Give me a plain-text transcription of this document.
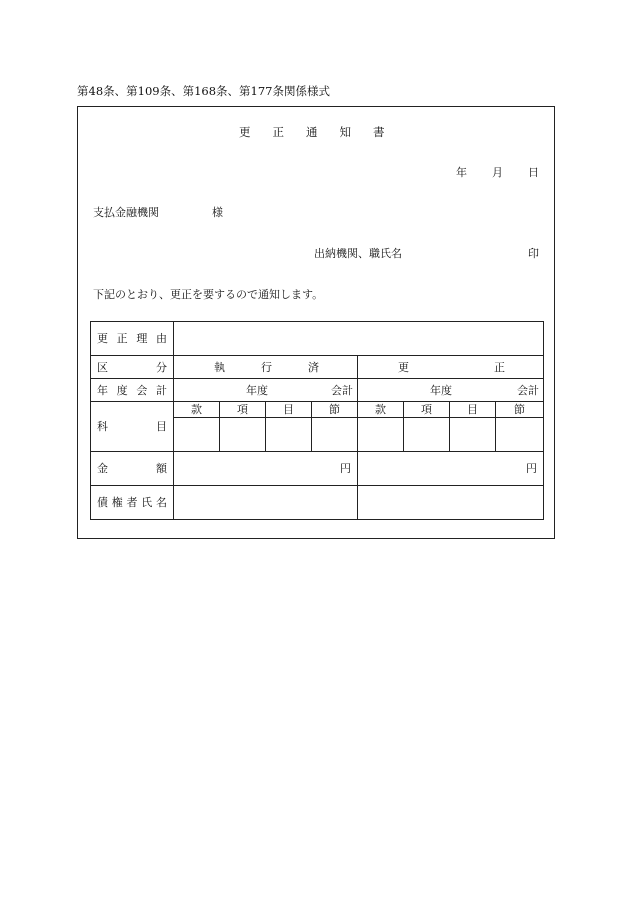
第48条、第109条、第168条、第177条関係様式
更 正 通 知 書
年 月 日
支払金融機関	様
出納機関、職氏名	印
下記のとおり、更正を要するので通知します。
更 正 理 由								

区 分	執 行 済				更 正			

年 度 会 計	年度 会計				年度 会計			

科 目	款	項	目	節	款	項	目	節

金 額	円				円			

債 権 者 氏 名								
